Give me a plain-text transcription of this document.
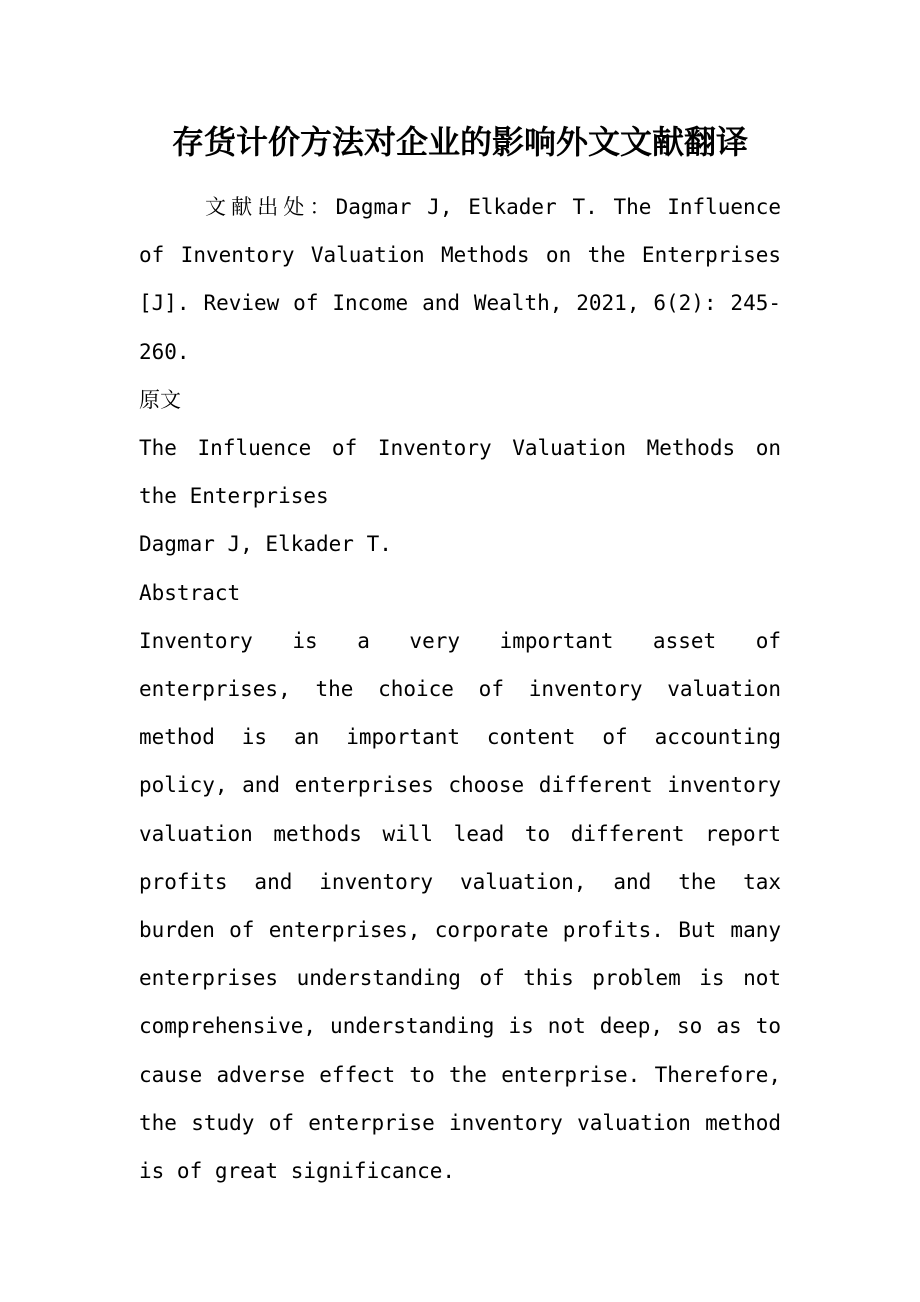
存货计价方法对企业的影响外文文献翻译

文献出处：Dagmar J, Elkader T. The Influence of Inventory Valuation Methods on the Enterprises [J]. Review of Income and Wealth, 2021, 6(2): 245-260.

原文

The Influence of Inventory Valuation Methods on the Enterprises

Dagmar J, Elkader T.

Abstract

Inventory is a very important asset of enterprises, the choice of inventory valuation method is an important content of accounting policy, and enterprises choose different inventory valuation methods will lead to different report profits and inventory valuation, and the tax burden of enterprises, corporate profits. But many enterprises understanding of this problem is not comprehensive, understanding is not deep, so as to cause adverse effect to the enterprise. Therefore, the study of enterprise inventory valuation method is of great significance.
